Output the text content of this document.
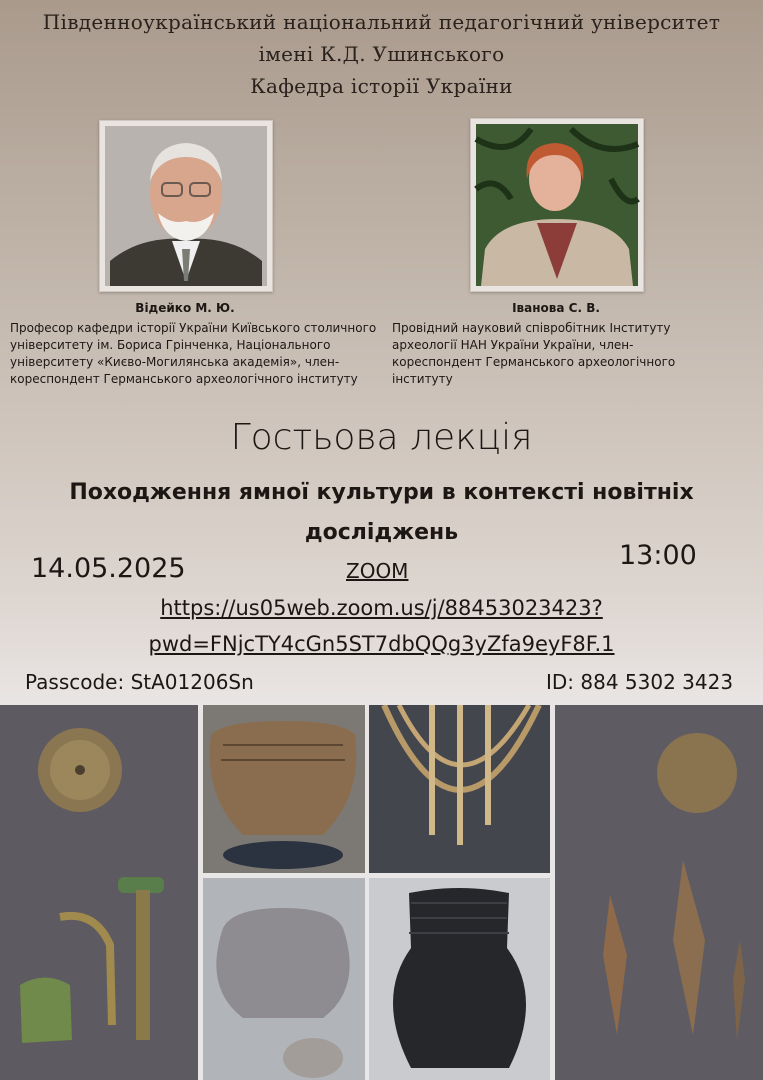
Південноукраїнський національний педагогічний університет
імені К.Д. Ушинського
Кафедра історії України
Відейко М. Ю.
Професор кафедри історії України Київського столичного
університету ім. Бориса Грінченка, Національного
університету «Києво-Могилянська академія», член-
кореспондент Германського археологічного інституту
Іванова С. В.
Провідний науковий співробітник Інституту
археології НАН України України, член-
кореспондент Германського археологічного
інституту
Гостьова лекція
Походження ямної культури в контексті новітніх
досліджень
14.05.2025	13:00
ZOOM
https://us05web.zoom.us/j/88453023423?
pwd=FNjcTY4cGn5ST7dbQQg3yZfa9eyF8F.1
Passcode: StA01206Sn	ID: 884 5302 3423
